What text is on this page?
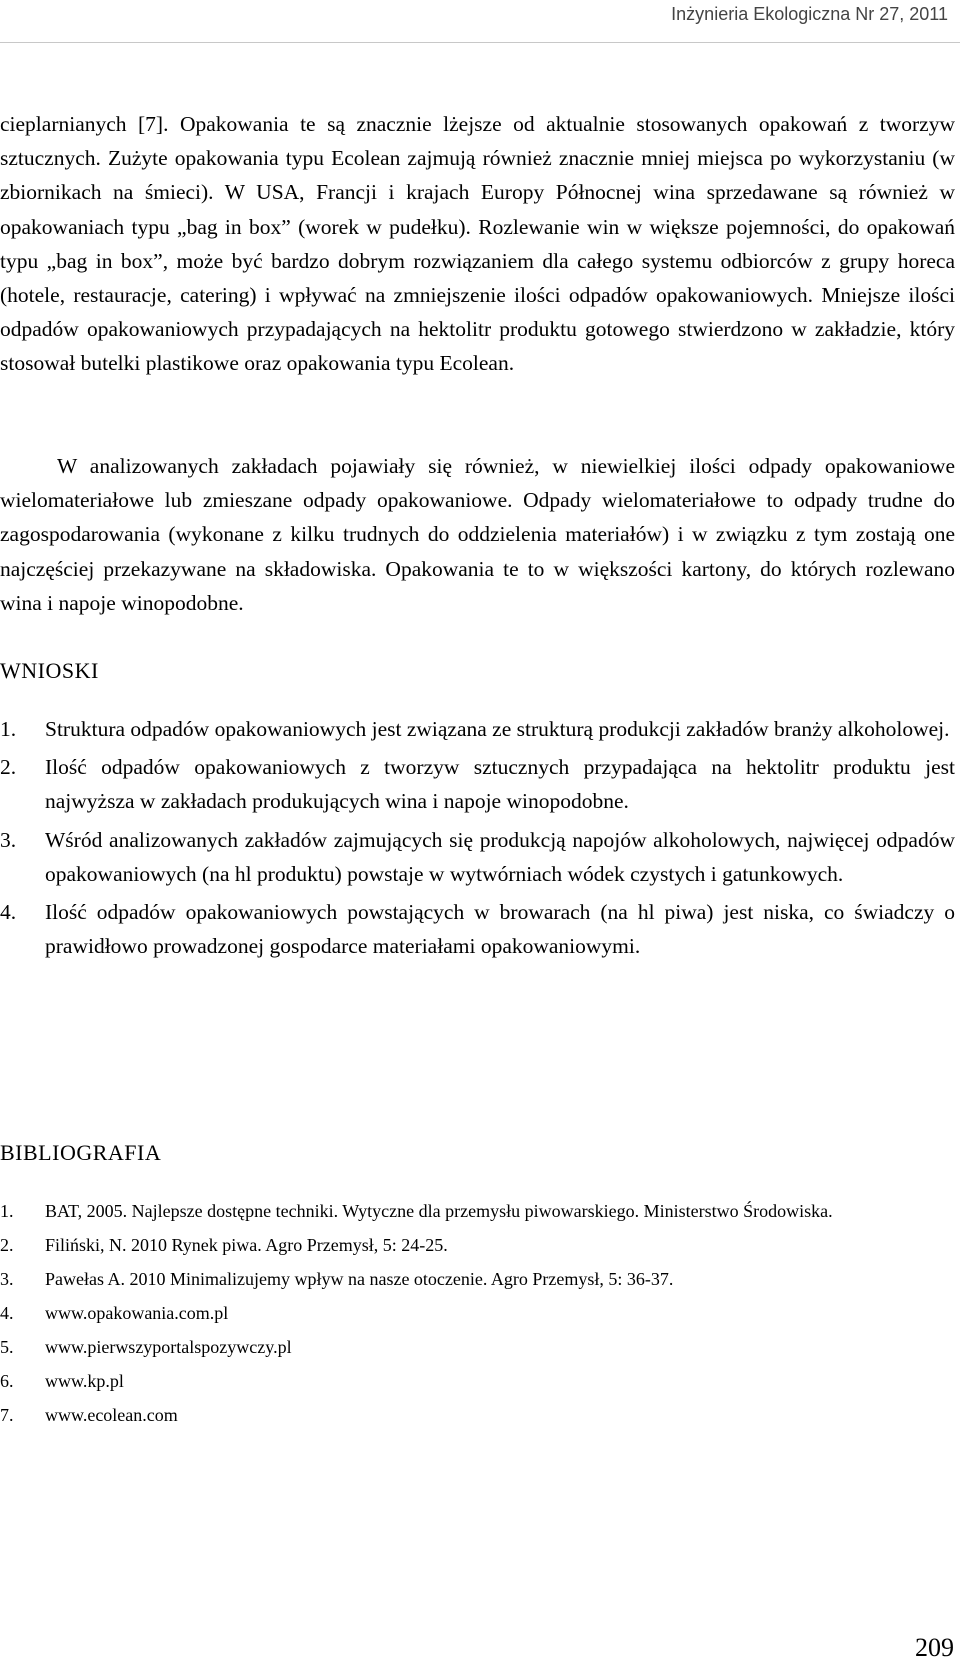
Inżynieria Ekologiczna Nr 27, 2011

cieplarnianych [7]. Opakowania te są znacznie lżejsze od aktualnie stosowanych opakowań z tworzyw sztucznych. Zużyte opakowania typu Ecolean zajmują również znacznie mniej miejsca po wykorzystaniu (w zbiornikach na śmieci). W USA, Francji i krajach Europy Północnej wina sprzedawane są również w opakowaniach typu „bag in box” (worek w pudełku). Rozlewanie win w większe pojemności, do opakowań typu „bag in box”, może być bardzo dobrym rozwiązaniem dla całego systemu odbiorców z grupy horeca (hotele, restauracje, catering) i wpływać na zmniejszenie ilości odpadów opakowaniowych. Mniejsze ilości odpadów opakowaniowych przypadających na hektolitr produktu gotowego stwierdzono w zakładzie, który stosował butelki plastikowe oraz opakowania typu Ecolean.

W analizowanych zakładach pojawiały się również, w niewielkiej ilości odpady opakowaniowe wielomateriałowe lub zmieszane odpady opakowaniowe. Odpady wielomateriałowe to odpady trudne do zagospodarowania (wykonane z kilku trudnych do oddzielenia materiałów) i w związku z tym zostają one najczęściej przekazywane na składowiska. Opakowania te to w większości kartony, do których rozlewano wina i napoje winopodobne.

WNIOSKI
1. Struktura odpadów opakowaniowych jest związana ze strukturą produkcji zakładów branży alkoholowej.
2. Ilość odpadów opakowaniowych z tworzyw sztucznych przypadająca na hektolitr produktu jest najwyższa w zakładach produkujących wina i napoje winopodobne.
3. Wśród analizowanych zakładów zajmujących się produkcją napojów alkoholowych, najwięcej odpadów opakowaniowych (na hl produktu) powstaje w wytwórniach wódek czystych i gatunkowych.
4. Ilość odpadów opakowaniowych powstających w browarach (na hl piwa) jest niska, co świadczy o prawidłowo prowadzonej gospodarce materiałami opakowaniowymi.
BIBLIOGRAFIA
1. BAT, 2005. Najlepsze dostępne techniki. Wytyczne dla przemysłu piwowarskiego. Ministerstwo Środowiska.
2. Filiński, N. 2010 Rynek piwa. Agro Przemysł, 5: 24-25.
3. Pawełas A. 2010 Minimalizujemy wpływ na nasze otoczenie. Agro Przemysł, 5: 36-37.
4. www.opakowania.com.pl
5. www.pierwszyportalspozywczy.pl
6. www.kp.pl
7. www.ecolean.com
209
